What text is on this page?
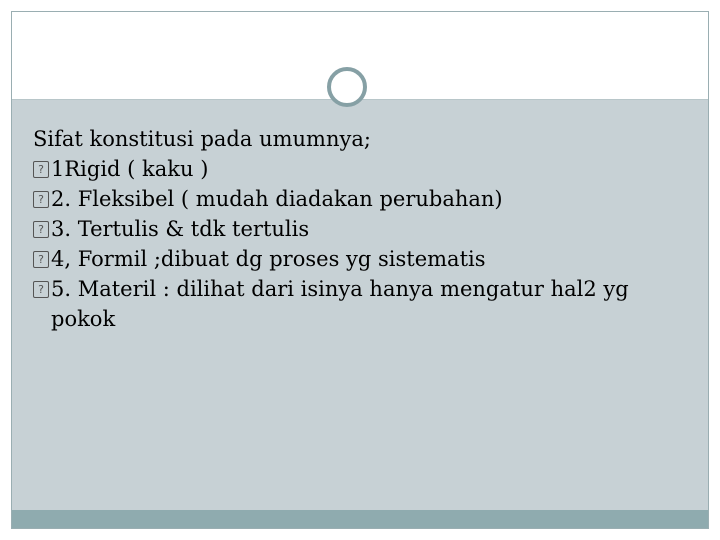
Sifat konstitusi pada umumnya;
? 1Rigid ( kaku )
? 2. Fleksibel ( mudah diadakan perubahan)
? 3. Tertulis & tdk tertulis
? 4, Formil ;dibuat dg proses yg sistematis
? 5. Materil : dilihat dari isinya hanya mengatur hal2 yg pokok
